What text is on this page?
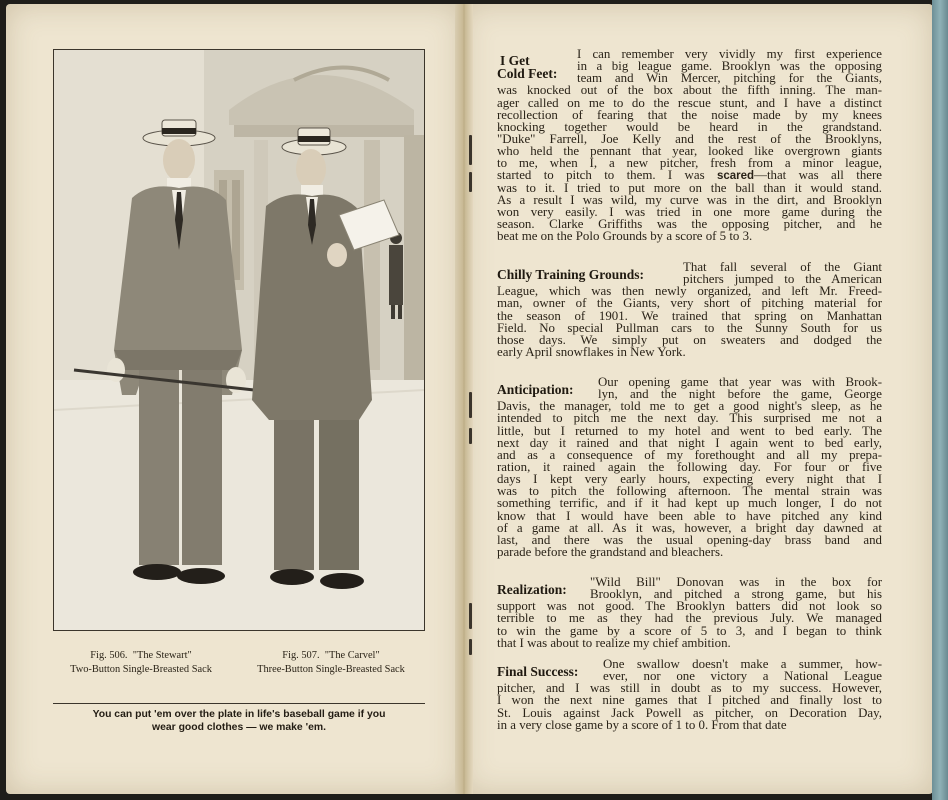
Fig. 506. "The Stewart"
Two-Button Single-Breasted Sack
Fig. 507. "The Carvel"
Three-Button Single-Breasted Sack
You can put 'em over the plate in life's baseball game if you
wear good clothes — we make 'em.
I Get
Cold Feet:
I can remember very vividly my first experience
in a big league game. Brooklyn was the opposing
team and Win Mercer, pitching for the Giants,
was knocked out of the box about the fifth inning. The man-
ager called on me to do the rescue stunt, and I have a distinct
recollection of fearing that the noise made by my knees
knocking together would be heard in the grandstand.
"Duke" Farrell, Joe Kelly and the rest of the Brooklyns,
who held the pennant that year, looked like overgrown giants
to me, when I, a new pitcher, fresh from a minor league,
started to pitch to them. I was scared—that was all there
was to it. I tried to put more on the ball than it would stand.
As a result I was wild, my curve was in the dirt, and Brooklyn
won very easily. I was tried in one more game during the
season. Clarke Griffiths was the opposing pitcher, and he
beat me on the Polo Grounds by a score of 5 to 3.
Chilly Training Grounds:	That fall several of the Giant
pitchers jumped to the American
League, which was then newly organized, and left Mr. Freed-
man, owner of the Giants, very short of pitching material for
the season of 1901. We trained that spring on Manhattan
Field. No special Pullman cars to the Sunny South for us
those days. We simply put on sweaters and dodged the
early April snowflakes in New York.
Anticipation:	Our opening game that year was with Brook-
lyn, and the night before the game, George
Davis, the manager, told me to get a good night's sleep, as he
intended to pitch me the next day. This surprised me not a
little, but I returned to my hotel and went to bed early. The
next day it rained and that night I again went to bed early,
and as a consequence of my forethought and all my prepa-
ration, it rained again the following day. For four or five
days I kept very early hours, expecting every night that I
was to pitch the following afternoon. The mental strain was
something terrific, and if it had kept up much longer, I do not
know that I would have been able to have pitched any kind
of a game at all. As it was, however, a bright day dawned at
last, and there was the usual opening-day brass band and
parade before the grandstand and bleachers.
Realization:	"Wild Bill" Donovan was in the box for
Brooklyn, and pitched a strong game, but his
support was not good. The Brooklyn batters did not look so
terrible to me as they had the previous July. We managed
to win the game by a score of 5 to 3, and I began to think
that I was about to realize my chief ambition.
Final Success:	One swallow doesn't make a summer, how-
ever, nor one victory a National League
pitcher, and I was still in doubt as to my success. However,
I won the next nine games that I pitched and finally lost to
St. Louis against Jack Powell as pitcher, on Decoration Day,
in a very close game by a score of 1 to 0. From that date
